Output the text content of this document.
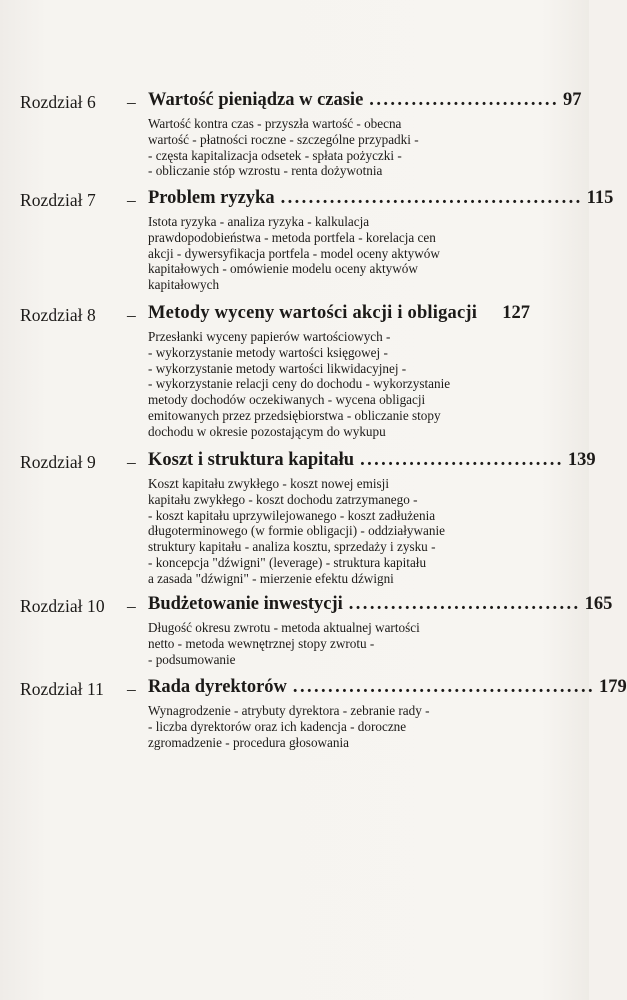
Rozdział 6 – Wartość pieniądza w czasie ........................... 97
Wartość kontra czas - przyszła wartość - obecna
wartość - płatności roczne - szczególne przypadki -
- częsta kapitalizacja odsetek - spłata pożyczki -
- obliczanie stóp wzrostu - renta dożywotnia
Rozdział 7 – Problem ryzyka ........................................... 115
Istota ryzyka - analiza ryzyka - kalkulacja
prawdopodobieństwa - metoda portfela - korelacja cen
akcji - dywersyfikacja portfela - model oceny aktywów
kapitałowych - omówienie modelu oceny aktywów
kapitałowych
Rozdział 8 – Metody wyceny wartości akcji i obligacji 127
Przesłanki wyceny papierów wartościowych -
- wykorzystanie metody wartości księgowej -
- wykorzystanie metody wartości likwidacyjnej -
- wykorzystanie relacji ceny do dochodu - wykorzystanie
metody dochodów oczekiwanych - wycena obligacji
emitowanych przez przedsiębiorstwa - obliczanie stopy
dochodu w okresie pozostającym do wykupu
Rozdział 9 – Koszt i struktura kapitału ............................. 139
Koszt kapitału zwykłego - koszt nowej emisji
kapitału zwykłego - koszt dochodu zatrzymanego -
- koszt kapitału uprzywilejowanego - koszt zadłużenia
długoterminowego (w formie obligacji) - oddziaływanie
struktury kapitału - analiza kosztu, sprzedaży i zysku -
- koncepcja "dźwigni" (leverage) - struktura kapitału
a zasada "dźwigni" - mierzenie efektu dźwigni
Rozdział 10 – Budżetowanie inwestycji ................................. 165
Długość okresu zwrotu - metoda aktualnej wartości
netto - metoda wewnętrznej stopy zwrotu -
- podsumowanie
Rozdział 11 – Rada dyrektorów ........................................... 179
Wynagrodzenie - atrybuty dyrektora - zebranie rady -
- liczba dyrektorów oraz ich kadencja - doroczne
zgromadzenie - procedura głosowania
